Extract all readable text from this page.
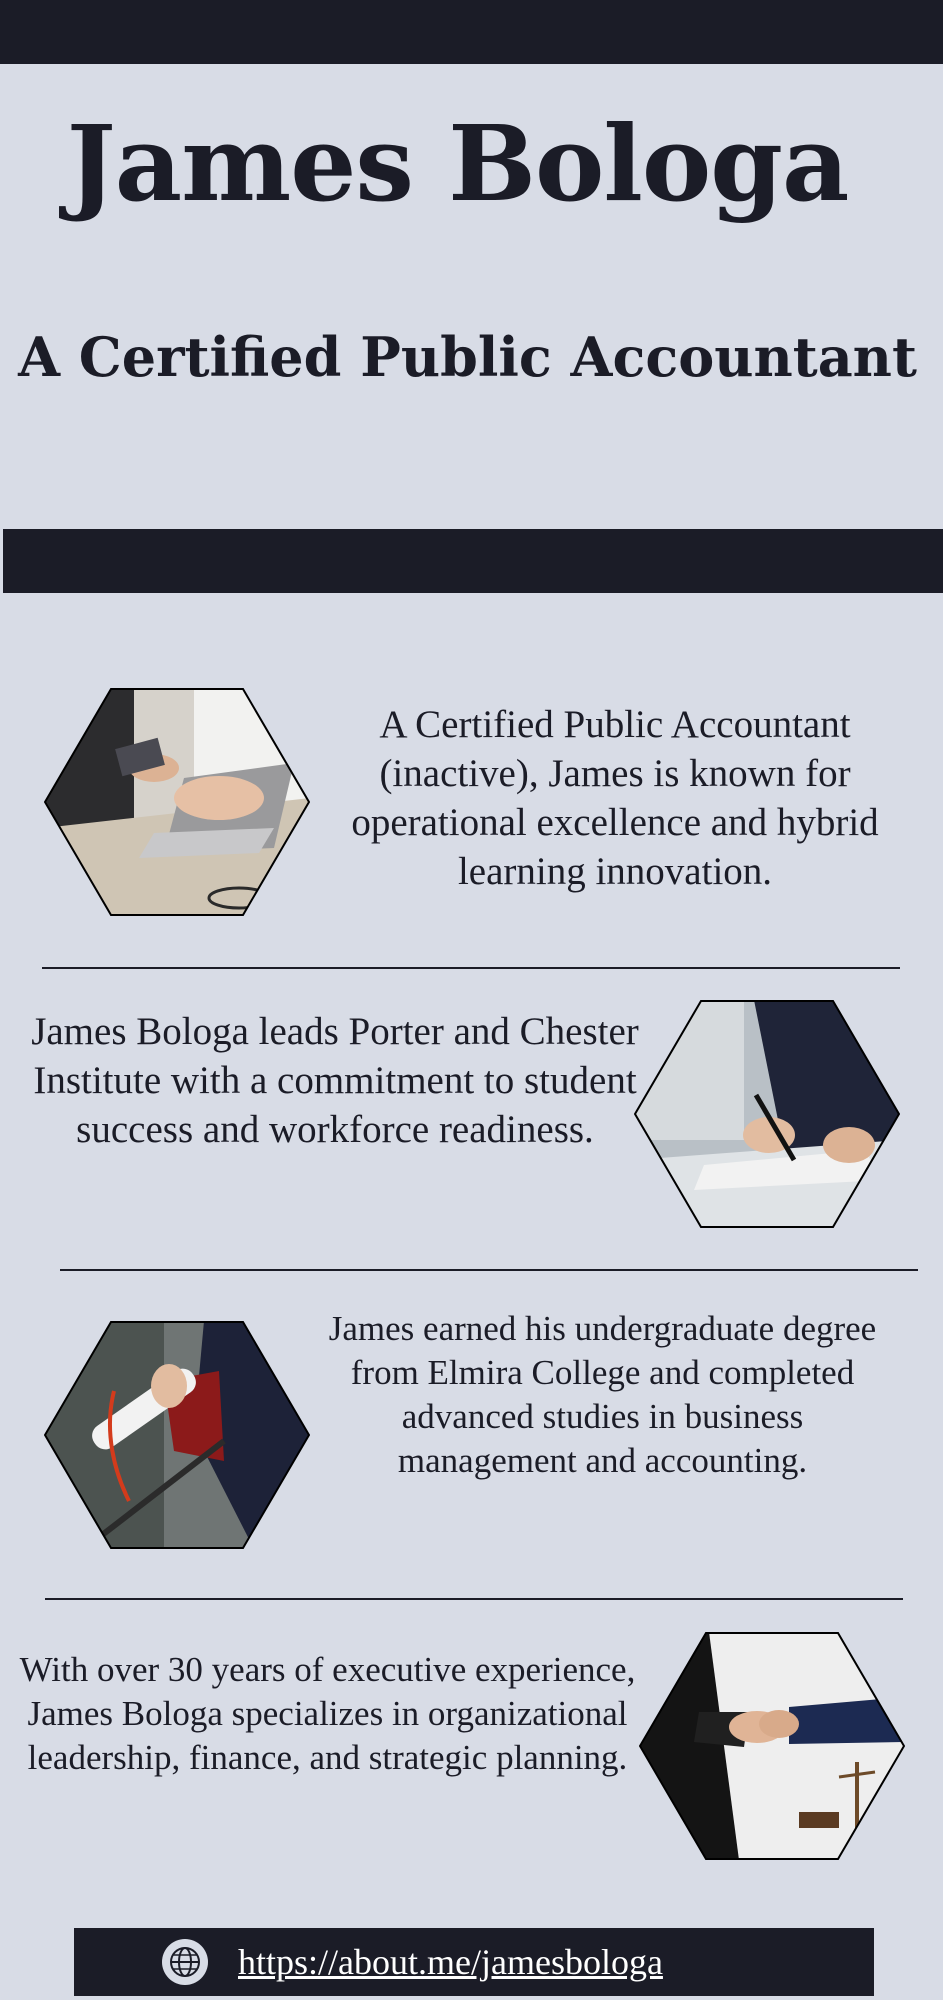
James Bologa
A Certified Public Accountant
A Certified Public Accountant (inactive), James is known for operational excellence and hybrid learning innovation.
James Bologa leads Porter and Chester Institute with a commitment to student success and workforce readiness.
James earned his undergraduate degree from Elmira College and completed advanced studies in business management and accounting.
With over 30 years of executive experience, James Bologa specializes in organizational leadership, finance, and strategic planning.
https://about.me/jamesbologa
